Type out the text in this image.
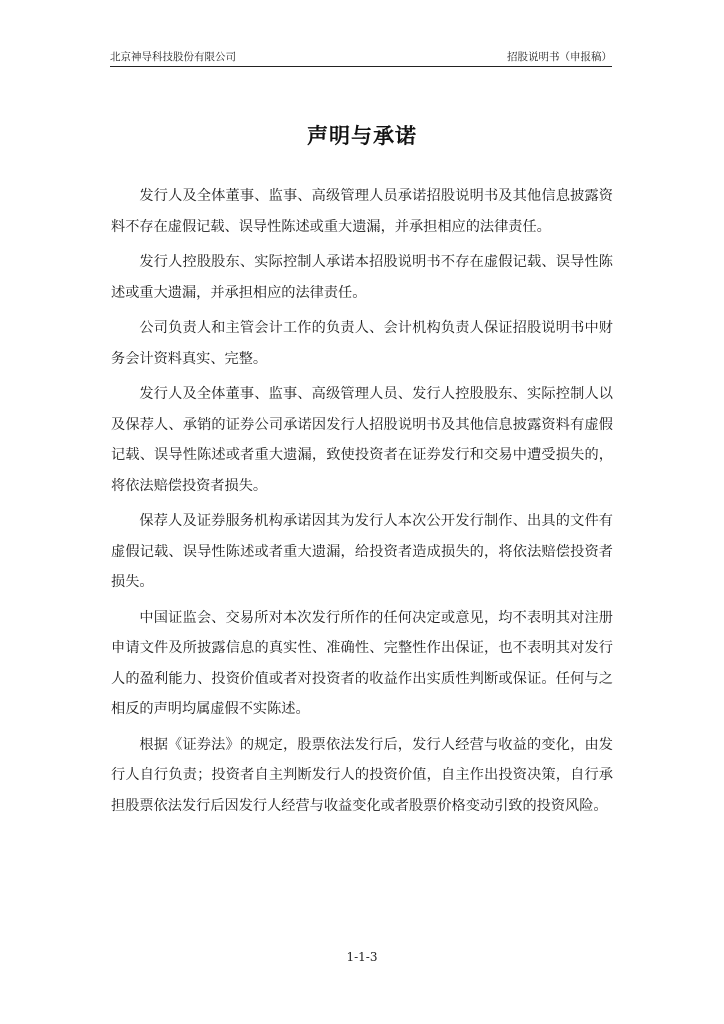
北京神导科技股份有限公司	招股说明书（申报稿）
声明与承诺

发行人及全体董事、监事、高级管理人员承诺招股说明书及其他信息披露资料不存在虚假记载、误导性陈述或重大遗漏，并承担相应的法律责任。

发行人控股股东、实际控制人承诺本招股说明书不存在虚假记载、误导性陈述或重大遗漏，并承担相应的法律责任。

公司负责人和主管会计工作的负责人、会计机构负责人保证招股说明书中财务会计资料真实、完整。

发行人及全体董事、监事、高级管理人员、发行人控股股东、实际控制人以及保荐人、承销的证券公司承诺因发行人招股说明书及其他信息披露资料有虚假记载、误导性陈述或者重大遗漏，致使投资者在证券发行和交易中遭受损失的，将依法赔偿投资者损失。

保荐人及证券服务机构承诺因其为发行人本次公开发行制作、出具的文件有虚假记载、误导性陈述或者重大遗漏，给投资者造成损失的，将依法赔偿投资者损失。

中国证监会、交易所对本次发行所作的任何决定或意见，均不表明其对注册申请文件及所披露信息的真实性、准确性、完整性作出保证，也不表明其对发行人的盈利能力、投资价值或者对投资者的收益作出实质性判断或保证。任何与之相反的声明均属虚假不实陈述。

根据《证券法》的规定，股票依法发行后，发行人经营与收益的变化，由发行人自行负责；投资者自主判断发行人的投资价值，自主作出投资决策，自行承担股票依法发行后因发行人经营与收益变化或者股票价格变动引致的投资风险。

1-1-3
